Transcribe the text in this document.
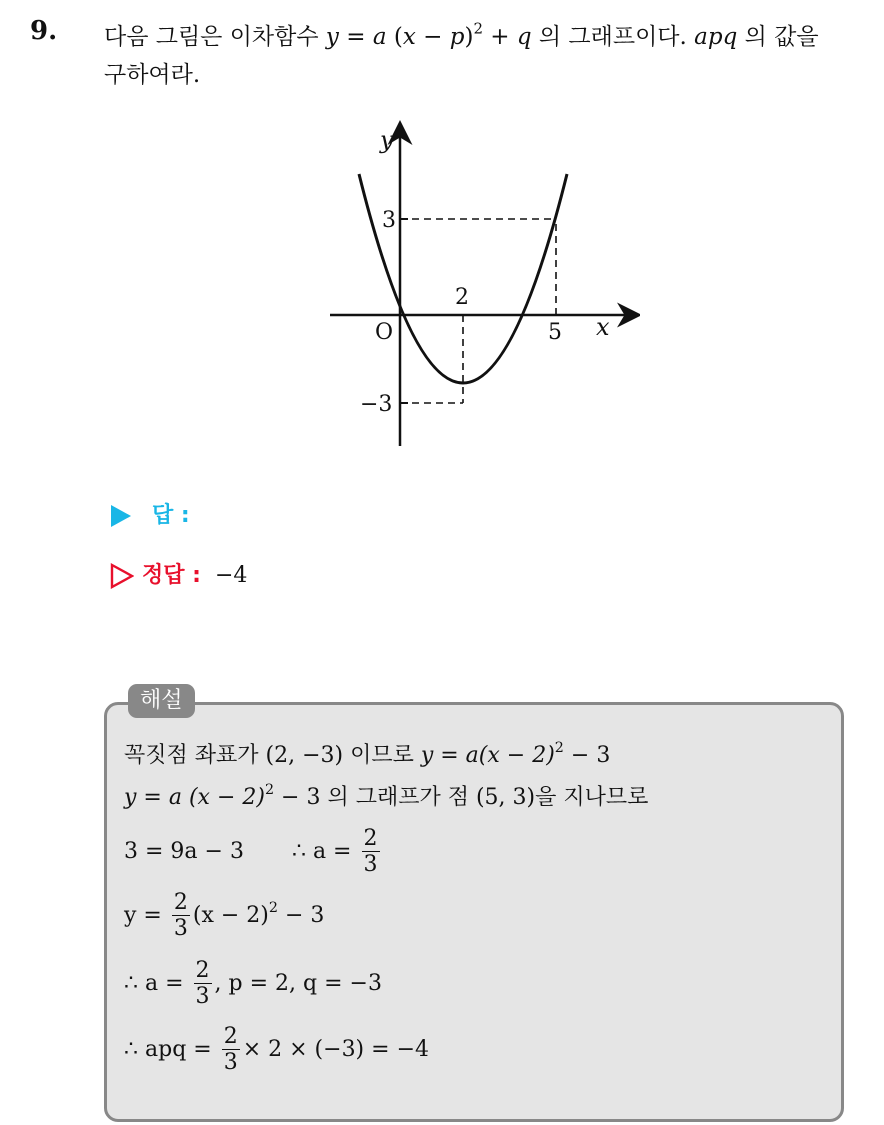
9. 다음 그림은 이차함수 y = a $(x - p)^2 + q$ 의 그래프이다. apq 의 값을
구하여라.
y
x
O
2
5
3
−3
답 :
정답 : −4
해설
꼭짓점 좌표가 (2, −3) 이므로 $y = a(x - 2)^2 - 3$
y = a $(x - 2)^2 - 3$ 의 그래프가 점 (5, 3)을 지나므로
3 = 9a − 3 ∴ $a = \frac{2}{3}$
$y = \frac{2}{3} (x - 2)^2 - 3$
∴ $a = \frac{2}{3}$ , p = 2, q = −3
∴ apq = $\frac{2}{3} \times 2 \times (-3) = -4$
